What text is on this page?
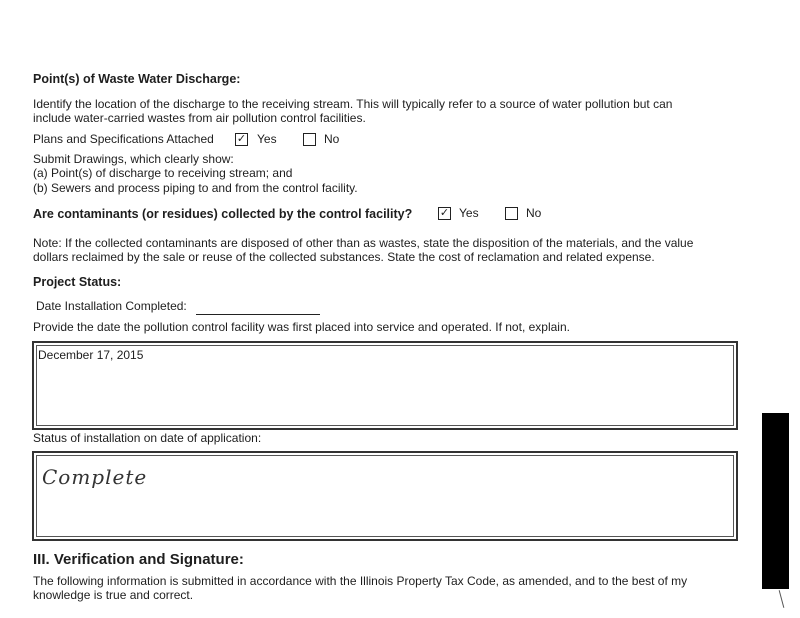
Point(s) of Waste Water Discharge:
Identify the location of the discharge to the receiving stream. This will typically refer to a source of water pollution but can
include water-carried wastes from air pollution control facilities.
Plans and Specifications Attached ✓ Yes	No
Submit Drawings, which clearly show:
(a) Point(s) of discharge to receiving stream; and
(b) Sewers and process piping to and from the control facility.
Are contaminants (or residues) collected by the control facility?	✓ Yes	No
Note: If the collected contaminants are disposed of other than as wastes, state the disposition of the materials, and the value
dollars reclaimed by the sale or reuse of the collected substances. State the cost of reclamation and related expense.
Project Status:
Date Installation Completed:
Provide the date the pollution control facility was first placed into service and operated. If not, explain.
December 17, 2015
Status of installation on date of application:
Complete
III. Verification and Signature:
The following information is submitted in accordance with the Illinois Property Tax Code, as amended, and to the best of my
knowledge is true and correct.
